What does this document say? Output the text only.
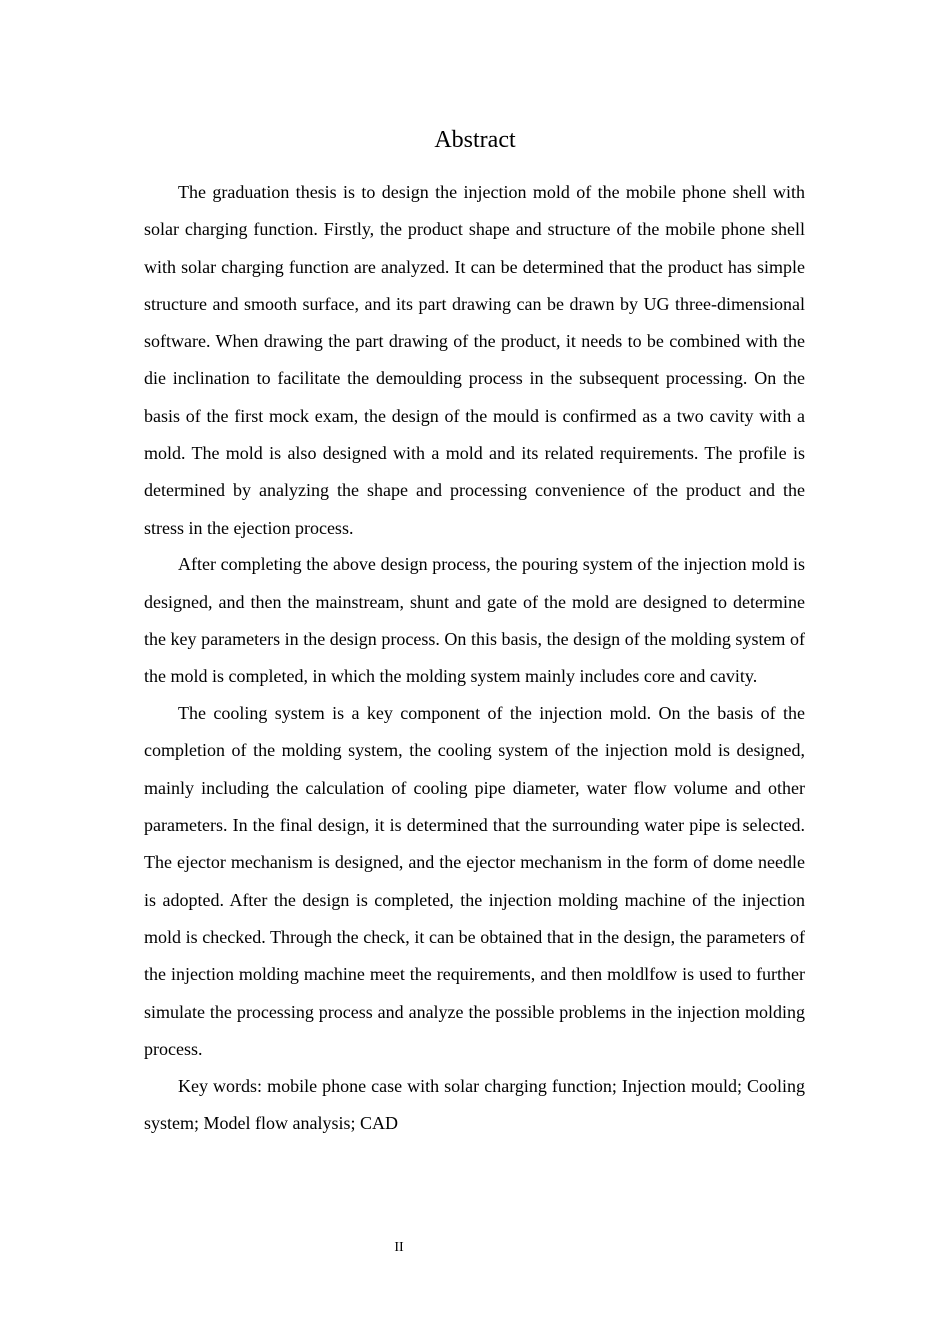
Abstract

The graduation thesis is to design the injection mold of the mobile phone shell with solar charging function. Firstly, the product shape and structure of the mobile phone shell with solar charging function are analyzed. It can be determined that the product has simple structure and smooth surface, and its part drawing can be drawn by UG three-dimensional software. When drawing the part drawing of the product, it needs to be combined with the die inclination to facilitate the demoulding process in the subsequent processing. On the basis of the first mock exam, the design of the mould is confirmed as a two cavity with a mold. The mold is also designed with a mold and its related requirements. The profile is determined by analyzing the shape and processing convenience of the product and the stress in the ejection process.

After completing the above design process, the pouring system of the injection mold is designed, and then the mainstream, shunt and gate of the mold are designed to determine the key parameters in the design process. On this basis, the design of the molding system of the mold is completed, in which the molding system mainly includes core and cavity.

The cooling system is a key component of the injection mold. On the basis of the completion of the molding system, the cooling system of the injection mold is designed, mainly including the calculation of cooling pipe diameter, water flow volume and other parameters. In the final design, it is determined that the surrounding water pipe is selected. The ejector mechanism is designed, and the ejector mechanism in the form of dome needle is adopted. After the design is completed, the injection molding machine of the injection mold is checked. Through the check, it can be obtained that in the design, the parameters of the injection molding machine meet the requirements, and then moldlfow is used to further simulate the processing process and analyze the possible problems in the injection molding process.

Key words: mobile phone case with solar charging function; Injection mould; Cooling system; Model flow analysis; CAD

II
